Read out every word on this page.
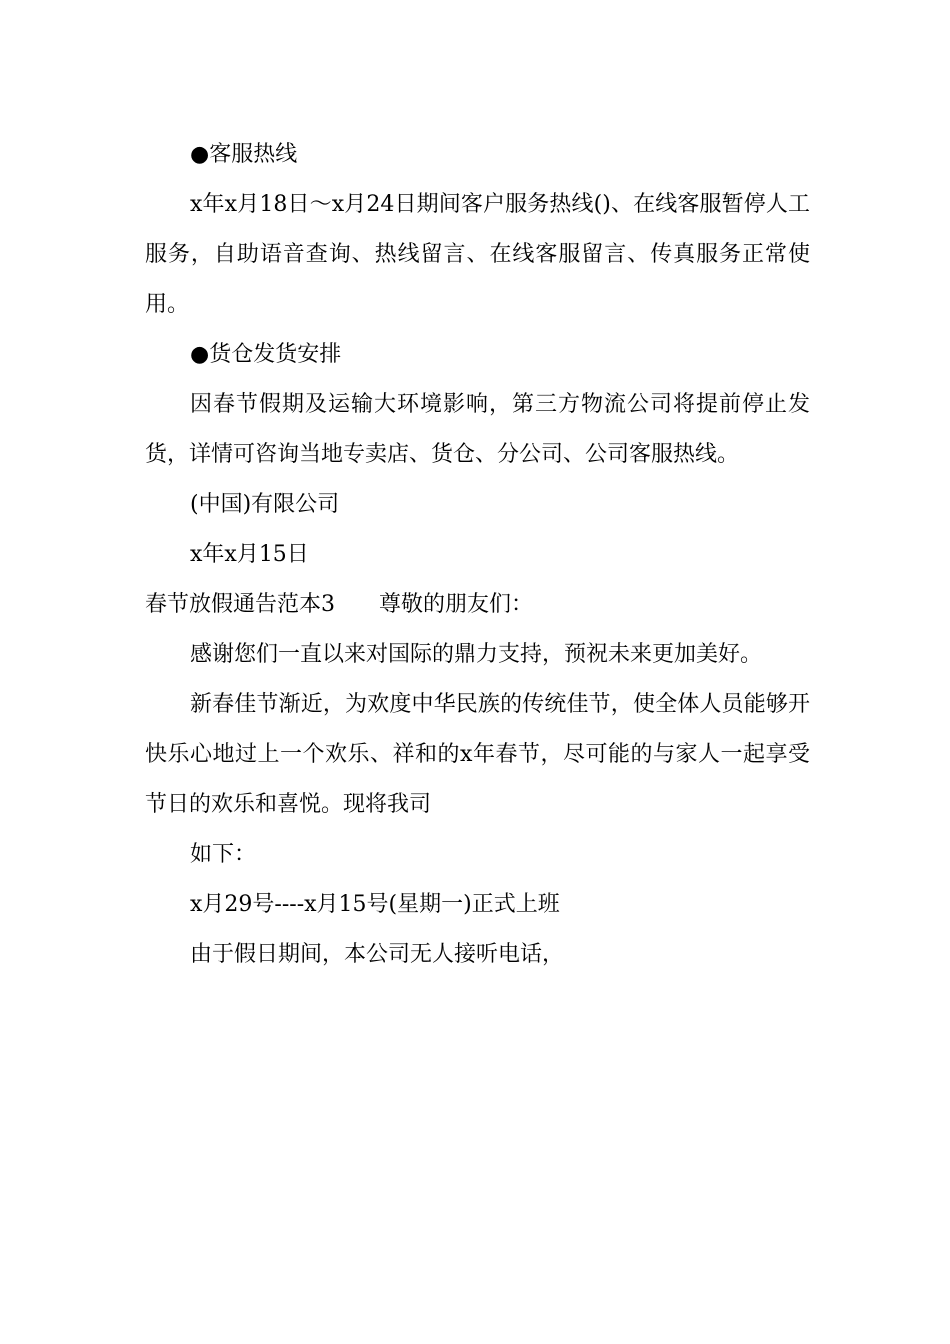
●客服热线

x年x月18日～x月24日期间客户服务热线()、在线客服暂停人工服务，自助语音查询、热线留言、在线客服留言、传真服务正常使用。

●货仓发货安排

因春节假期及运输大环境影响，第三方物流公司将提前停止发货，详情可咨询当地专卖店、货仓、分公司、公司客服热线。

(中国)有限公司

x年x月15日

春节放假通告范本3 尊敬的朋友们：

感谢您们一直以来对国际的鼎力支持，预祝未来更加美好。

新春佳节渐近，为欢度中华民族的传统佳节，使全体人员能够开快乐心地过上一个欢乐、祥和的x年春节，尽可能的与家人一起享受节日的欢乐和喜悦。现将我司

如下：

x月29号----x月15号(星期一)正式上班

由于假日期间，本公司无人接听电话，
